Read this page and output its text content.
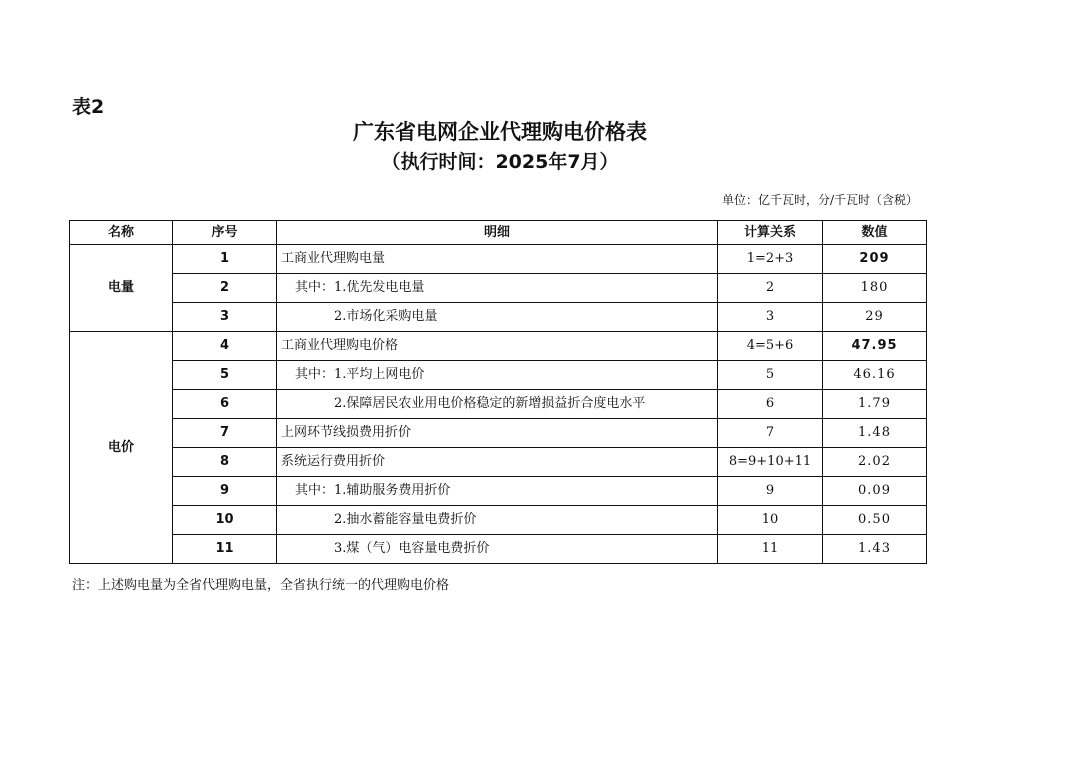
表2
广东省电网企业代理购电价格表
（执行时间：2025年7月）
单位：亿千瓦时，分/千瓦时（含税）
名称	序号	明细	计算关系	数值
电量	1	工商业代理购电量	1=2+3	209
	2	其中：1.优先发电电量	2	180
	3	2.市场化采购电量	3	29
电价	4	工商业代理购电价格	4=5+6	47.95
	5	其中：1.平均上网电价	5	46.16
	6	2.保障居民农业用电价格稳定的新增损益折合度电水平	6	1.79
	7	上网环节线损费用折价	7	1.48
	8	系统运行费用折价	8=9+10+11	2.02
	9	其中：1.辅助服务费用折价	9	0.09
	10	2.抽水蓄能容量电费折价	10	0.50
	11	3.煤（气）电容量电费折价	11	1.43
注：上述购电量为全省代理购电量，全省执行统一的代理购电价格
